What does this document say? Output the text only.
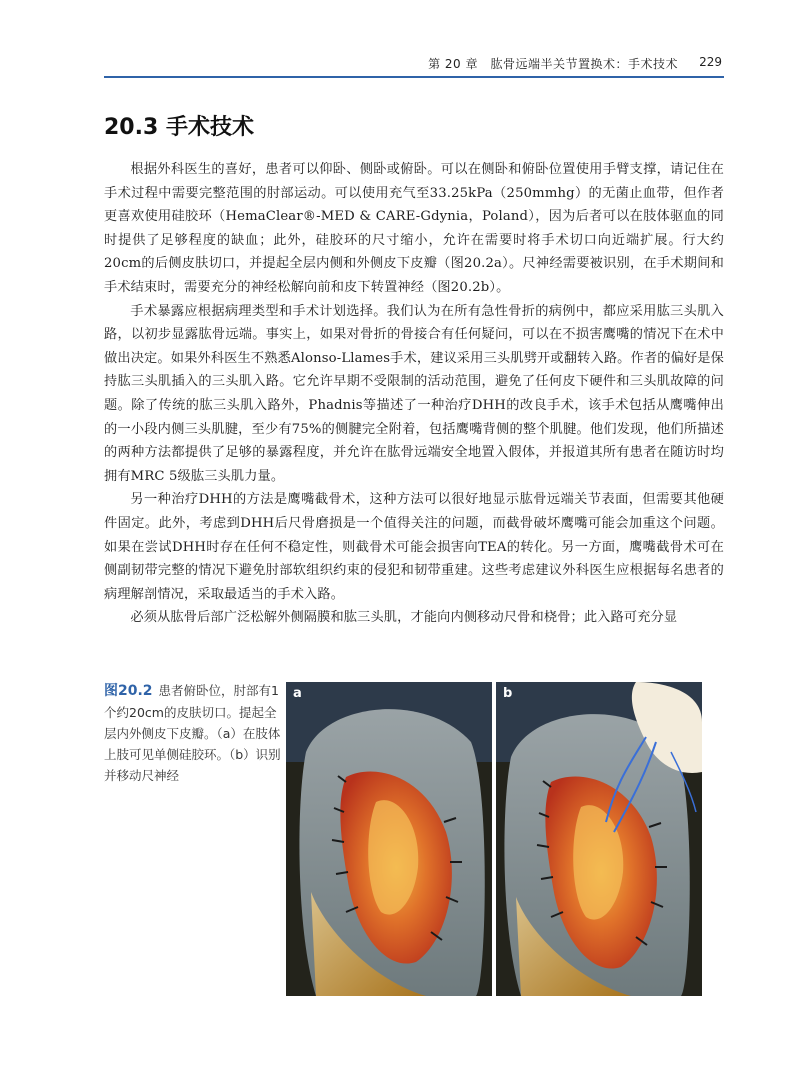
第 20 章　肱骨远端半关节置换术：手术技术 229
20.3 手术技术

根据外科医生的喜好，患者可以仰卧、侧卧或俯卧。可以在侧卧和俯卧位置使用手臂支撑，请记住在手术过程中需要完整范围的肘部运动。可以使用充气至33.25kPa（250mmhg）的无菌止血带，但作者更喜欢使用硅胶环（HemaClear®-MED & CARE-Gdynia，Poland），因为后者可以在肢体驱血的同时提供了足够程度的缺血；此外，硅胶环的尺寸缩小，允许在需要时将手术切口向近端扩展。行大约20cm的后侧皮肤切口，并提起全层内侧和外侧皮下皮瓣（图20.2a）。尺神经需要被识别，在手术期间和手术结束时，需要充分的神经松解向前和皮下转置神经（图20.2b）。

手术暴露应根据病理类型和手术计划选择。我们认为在所有急性骨折的病例中，都应采用肱三头肌入路，以初步显露肱骨远端。事实上，如果对骨折的骨接合有任何疑问，可以在不损害鹰嘴的情况下在术中做出决定。如果外科医生不熟悉Alonso-Llames手术，建议采用三头肌劈开或翻转入路。作者的偏好是保持肱三头肌插入的三头肌入路。它允许早期不受限制的活动范围，避免了任何皮下硬件和三头肌故障的问题。除了传统的肱三头肌入路外，Phadnis等描述了一种治疗DHH的改良手术，该手术包括从鹰嘴伸出的一小段内侧三头肌腱，至少有75%的侧腱完全附着，包括鹰嘴背侧的整个肌腱。他们发现，他们所描述的两种方法都提供了足够的暴露程度，并允许在肱骨远端安全地置入假体，并报道其所有患者在随访时均拥有MRC 5级肱三头肌力量。

另一种治疗DHH的方法是鹰嘴截骨术，这种方法可以很好地显示肱骨远端关节表面，但需要其他硬件固定。此外，考虑到DHH后尺骨磨损是一个值得关注的问题，而截骨破坏鹰嘴可能会加重这个问题。如果在尝试DHH时存在任何不稳定性，则截骨术可能会损害向TEA的转化。另一方面，鹰嘴截骨术可在侧副韧带完整的情况下避免肘部软组织约束的侵犯和韧带重建。这些考虑建议外科医生应根据每名患者的病理解剖情况，采取最适当的手术入路。

必须从肱骨后部广泛松解外侧隔膜和肱三头肌，才能向内侧移动尺骨和桡骨；此入路可充分显

图20.2 患者俯卧位，肘部有1个约20cm的皮肤切口。提起全层内外侧皮下皮瓣。（a）在肢体上肢可见单侧硅胶环。（b）识别并移动尺神经
a	b
